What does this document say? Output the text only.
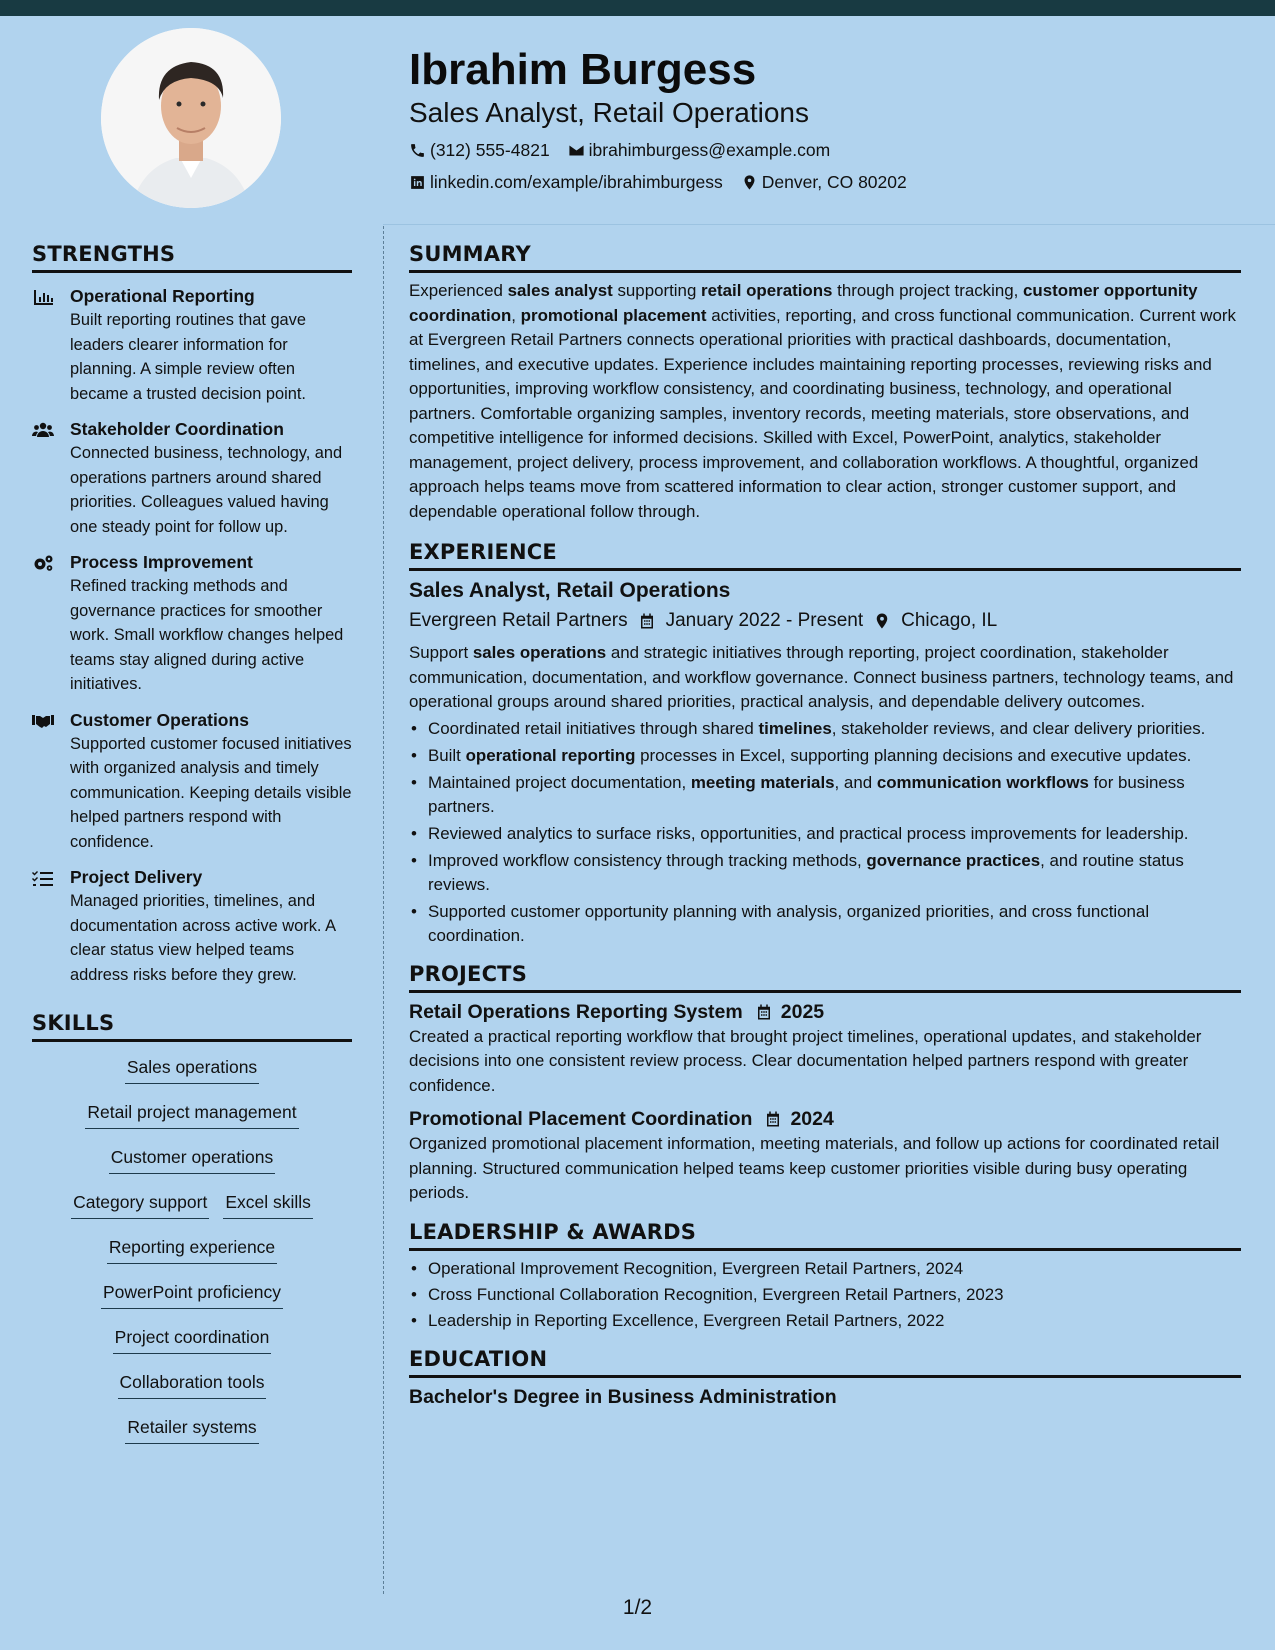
Ibrahim Burgess
Sales Analyst, Retail Operations
(312) 555-4821 ibrahimburgess@example.com
linkedin.com/example/ibrahimburgess Denver, CO 80202
STRENGTHS
Operational Reporting
Built reporting routines that gave leaders clearer information for planning. A simple review often became a trusted decision point.
Stakeholder Coordination
Connected business, technology, and operations partners around shared priorities. Colleagues valued having one steady point for follow up.
Process Improvement
Refined tracking methods and governance practices for smoother work. Small workflow changes helped teams stay aligned during active initiatives.
Customer Operations
Supported customer focused initiatives with organized analysis and timely communication. Keeping details visible helped partners respond with confidence.
Project Delivery
Managed priorities, timelines, and documentation across active work. A clear status view helped teams address risks before they grew.
SKILLS
Sales operations
Retail project management
Customer operations
Category support Excel skills
Reporting experience
PowerPoint proficiency
Project coordination
Collaboration tools
Retailer systems
SUMMARY

Experienced sales analyst supporting retail operations through project tracking, customer opportunity coordination, promotional placement activities, reporting, and cross functional communication. Current work at Evergreen Retail Partners connects operational priorities with practical dashboards, documentation, timelines, and executive updates. Experience includes maintaining reporting processes, reviewing risks and opportunities, improving workflow consistency, and coordinating business, technology, and operational partners. Comfortable organizing samples, inventory records, meeting materials, store observations, and competitive intelligence for informed decisions. Skilled with Excel, PowerPoint, analytics, stakeholder management, project delivery, process improvement, and collaboration workflows. A thoughtful, organized approach helps teams move from scattered information to clear action, stronger customer support, and dependable operational follow through.

EXPERIENCE
Sales Analyst, Retail Operations
Evergreen Retail Partners January 2022 - Present Chicago, IL

Support sales operations and strategic initiatives through reporting, project coordination, stakeholder communication, documentation, and workflow governance. Connect business partners, technology teams, and operational groups around shared priorities, practical analysis, and dependable delivery outcomes.

• Coordinated retail initiatives through shared timelines, stakeholder reviews, and clear delivery priorities.
• Built operational reporting processes in Excel, supporting planning decisions and executive updates.
• Maintained project documentation, meeting materials, and communication workflows for business partners.
• Reviewed analytics to surface risks, opportunities, and practical process improvements for leadership.
• Improved workflow consistency through tracking methods, governance practices, and routine status reviews.
• Supported customer opportunity planning with analysis, organized priorities, and cross functional coordination.
PROJECTS
Retail Operations Reporting System 2025

Created a practical reporting workflow that brought project timelines, operational updates, and stakeholder decisions into one consistent review process. Clear documentation helped partners respond with greater confidence.

Promotional Placement Coordination 2024

Organized promotional placement information, meeting materials, and follow up actions for coordinated retail planning. Structured communication helped teams keep customer priorities visible during busy operating periods.

LEADERSHIP & AWARDS
• Operational Improvement Recognition, Evergreen Retail Partners, 2024
• Cross Functional Collaboration Recognition, Evergreen Retail Partners, 2023
• Leadership in Reporting Excellence, Evergreen Retail Partners, 2022
EDUCATION
Bachelor's Degree in Business Administration
1/2
